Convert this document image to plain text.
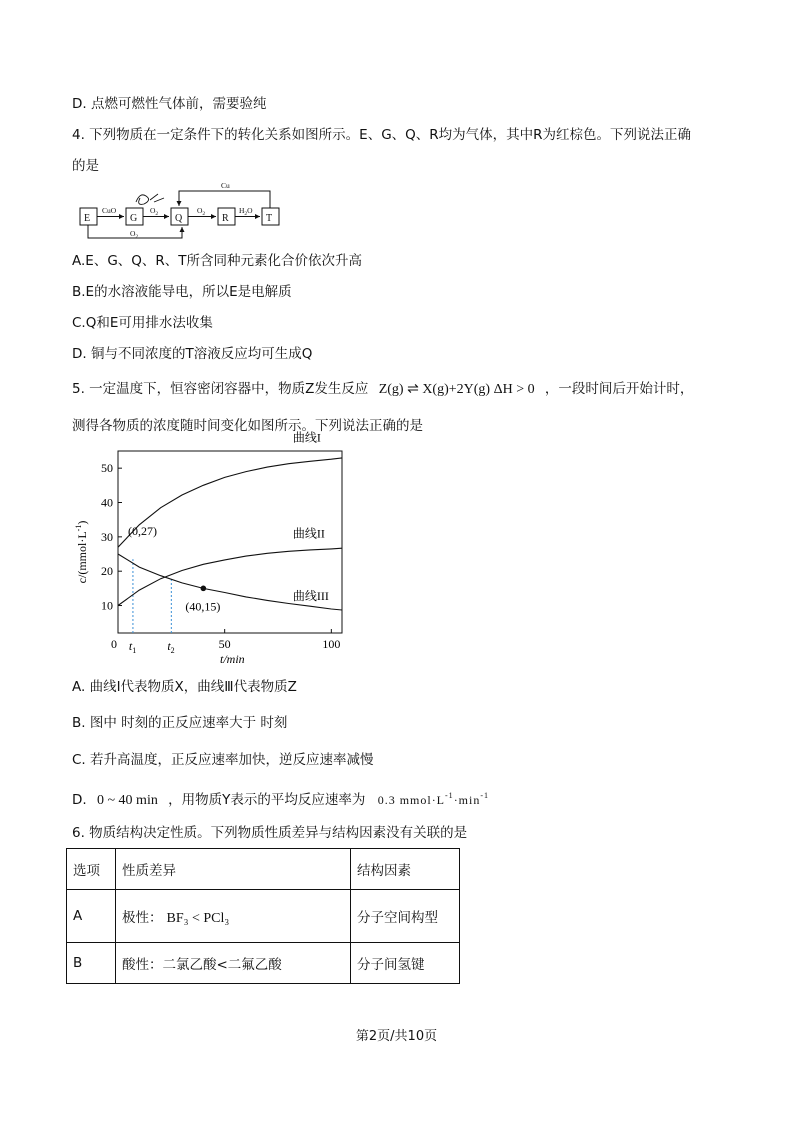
D. 点燃可燃性气体前，需要验纯
4. 下列物质在一定条件下的转化关系如图所示。E、G、Q、R均为气体，其中R为红棕色。下列说法正确
的是
E	G	Q	R	T
CuO	$O_2$	$O_2$	$H_2O$
Cu
$O_2$
A.E、G、Q、R、T所含同种元素化合价依次升高
B.E的水溶液能导电，所以E是电解质
C.Q和E可用排水法收集
D. 铜与不同浓度的T溶液反应均可生成Q
5. 一定温度下，恒容密闭容器中，物质Z发生反应 Z(g) ⇌ X(g)+2Y(g) ΔH > 0 ，一段时间后开始计时，
测得各物质的浓度随时间变化如图所示。下列说法正确的是
10
20
30
40
50
0	50	100
$t_1$	$t_2$
曲线I
曲线II
曲线III
(0,27)
(40,15)
t/min
$c/(mmol\cdot L^{-1})$
A. 曲线Ⅰ代表物质X，曲线Ⅲ代表物质Z
B. 图中 时刻的正反应速率大于 时刻
C. 若升高温度，正反应速率加快，逆反应速率减慢
D. 0 ~ 40 min ，用物质Y表示的平均反应速率为 0.3 $mmol\cdot L^{-1}\cdot\min^{-1}$
6. 物质结构决定性质。下列物质性质差异与结构因素没有关联的是
选项	性质差异	结构因素
A	极性： BF₃ < PCl₃	分子空间构型
B	酸性：二氯乙酸<二氟乙酸	分子间氢键
第2页/共10页
